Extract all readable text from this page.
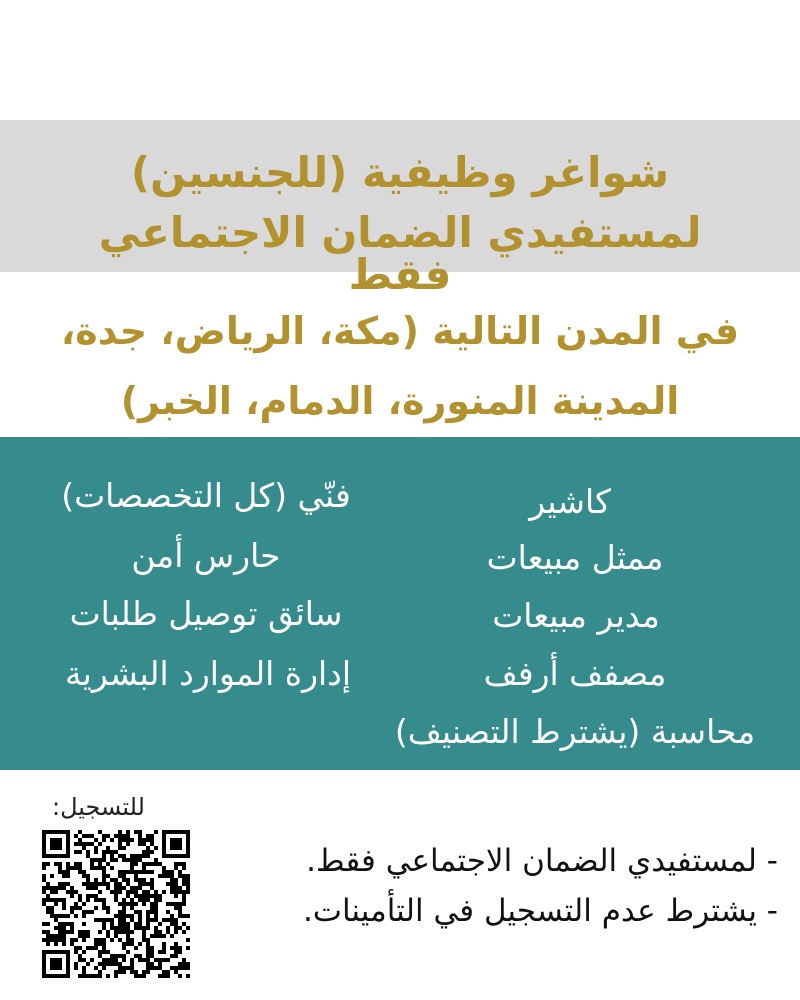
شواغر وظيفية (للجنسين)
لمستفيدي الضمان الاجتماعي فقط
في المدن التالية (مكة، الرياض، جدة،
المدينة المنورة، الدمام، الخبر)
فنّي (كل التخصصات)
حارس أمن
سائق توصيل طلبات
إدارة الموارد البشرية
كاشير
ممثل مبيعات
مدير مبيعات
مصفف أرفف
محاسبة (يشترط التصنيف)
للتسجيل:
- لمستفيدي الضمان الاجتماعي فقط.
- يشترط عدم التسجيل في التأمينات.
